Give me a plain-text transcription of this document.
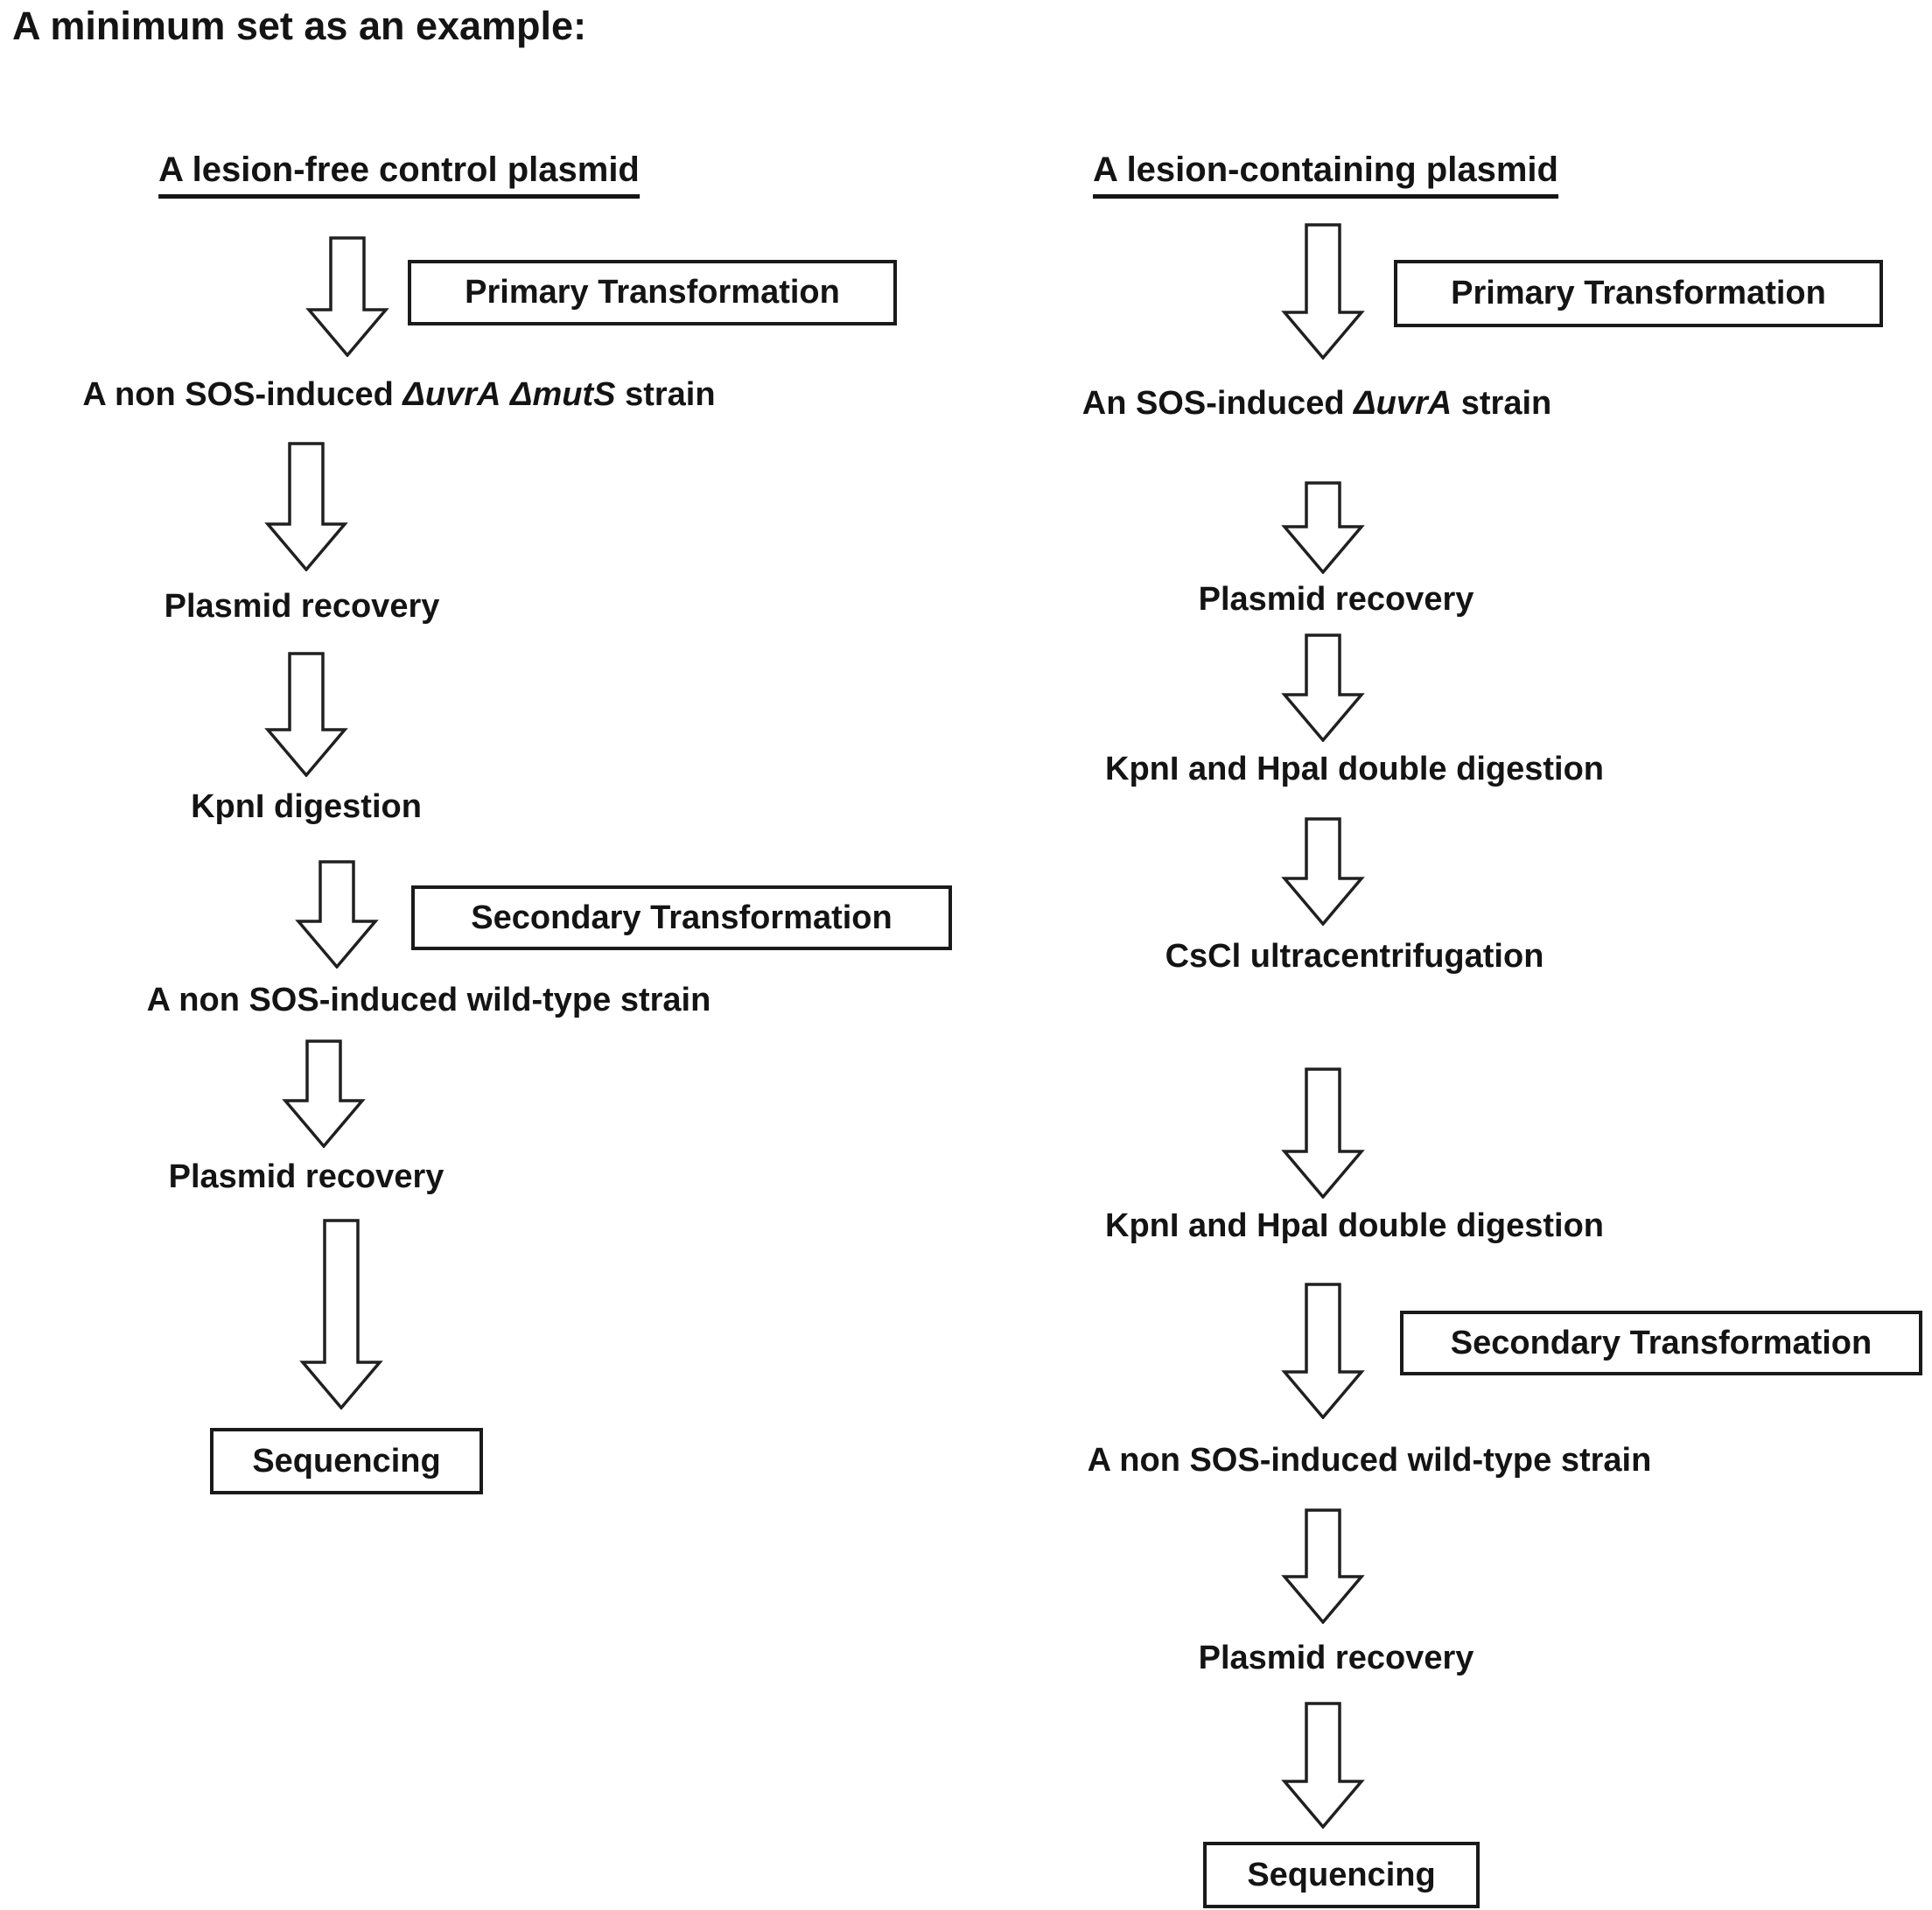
A minimum set as an example:
A lesion-free control plasmid
Primary Transformation
A non SOS-induced ΔuvrA ΔmutS strain
Plasmid recovery
KpnI digestion
Secondary Transformation
A non SOS-induced wild-type strain
Plasmid recovery
Sequencing
A lesion-containing plasmid
Primary Transformation
An SOS-induced ΔuvrA strain
Plasmid recovery
KpnI and HpaI double digestion
CsCl ultracentrifugation
KpnI and HpaI double digestion
Secondary Transformation
A non SOS-induced wild-type strain
Plasmid recovery
Sequencing
